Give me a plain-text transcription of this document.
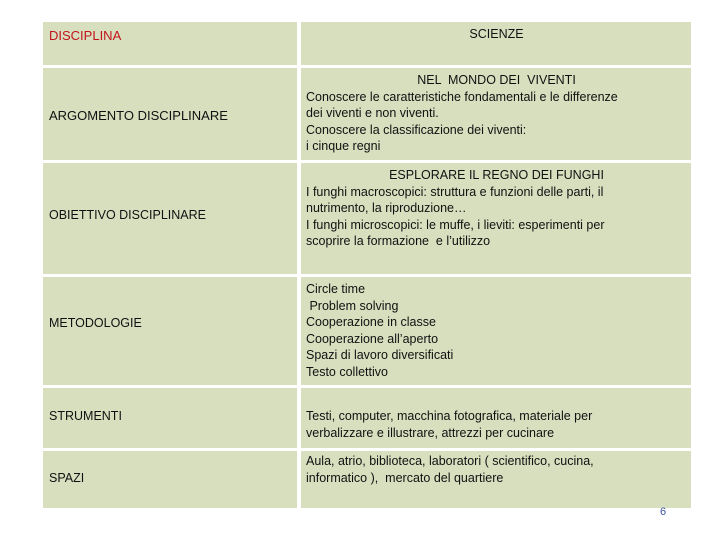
DISCIPLINA	SCIENZE
ARGOMENTO DISCIPLINARE
NEL  MONDO DEI  VIVENTI
Conoscere le caratteristiche fondamentali e le differenze
dei viventi e non viventi.
Conoscere la classificazione dei viventi:
i cinque regni
OBIETTIVO DISCIPLINARE
ESPLORARE IL REGNO DEI FUNGHI
I funghi macroscopici: struttura e funzioni delle parti, il
nutrimento, la riproduzione…
I funghi microscopici: le muffe, i lieviti: esperimenti per
scoprire la formazione  e l’utilizzo
METODOLOGIE
Circle time
Problem solving
Cooperazione in classe
Cooperazione all’aperto
Spazi di lavoro diversificati
Testo collettivo
STRUMENTI	Testi, computer, macchina fotografica, materiale per
verbalizzare e illustrare, attrezzi per cucinare
SPAZI
Aula, atrio, biblioteca, laboratori ( scientifico, cucina,
informatico ),  mercato del quartiere
6
